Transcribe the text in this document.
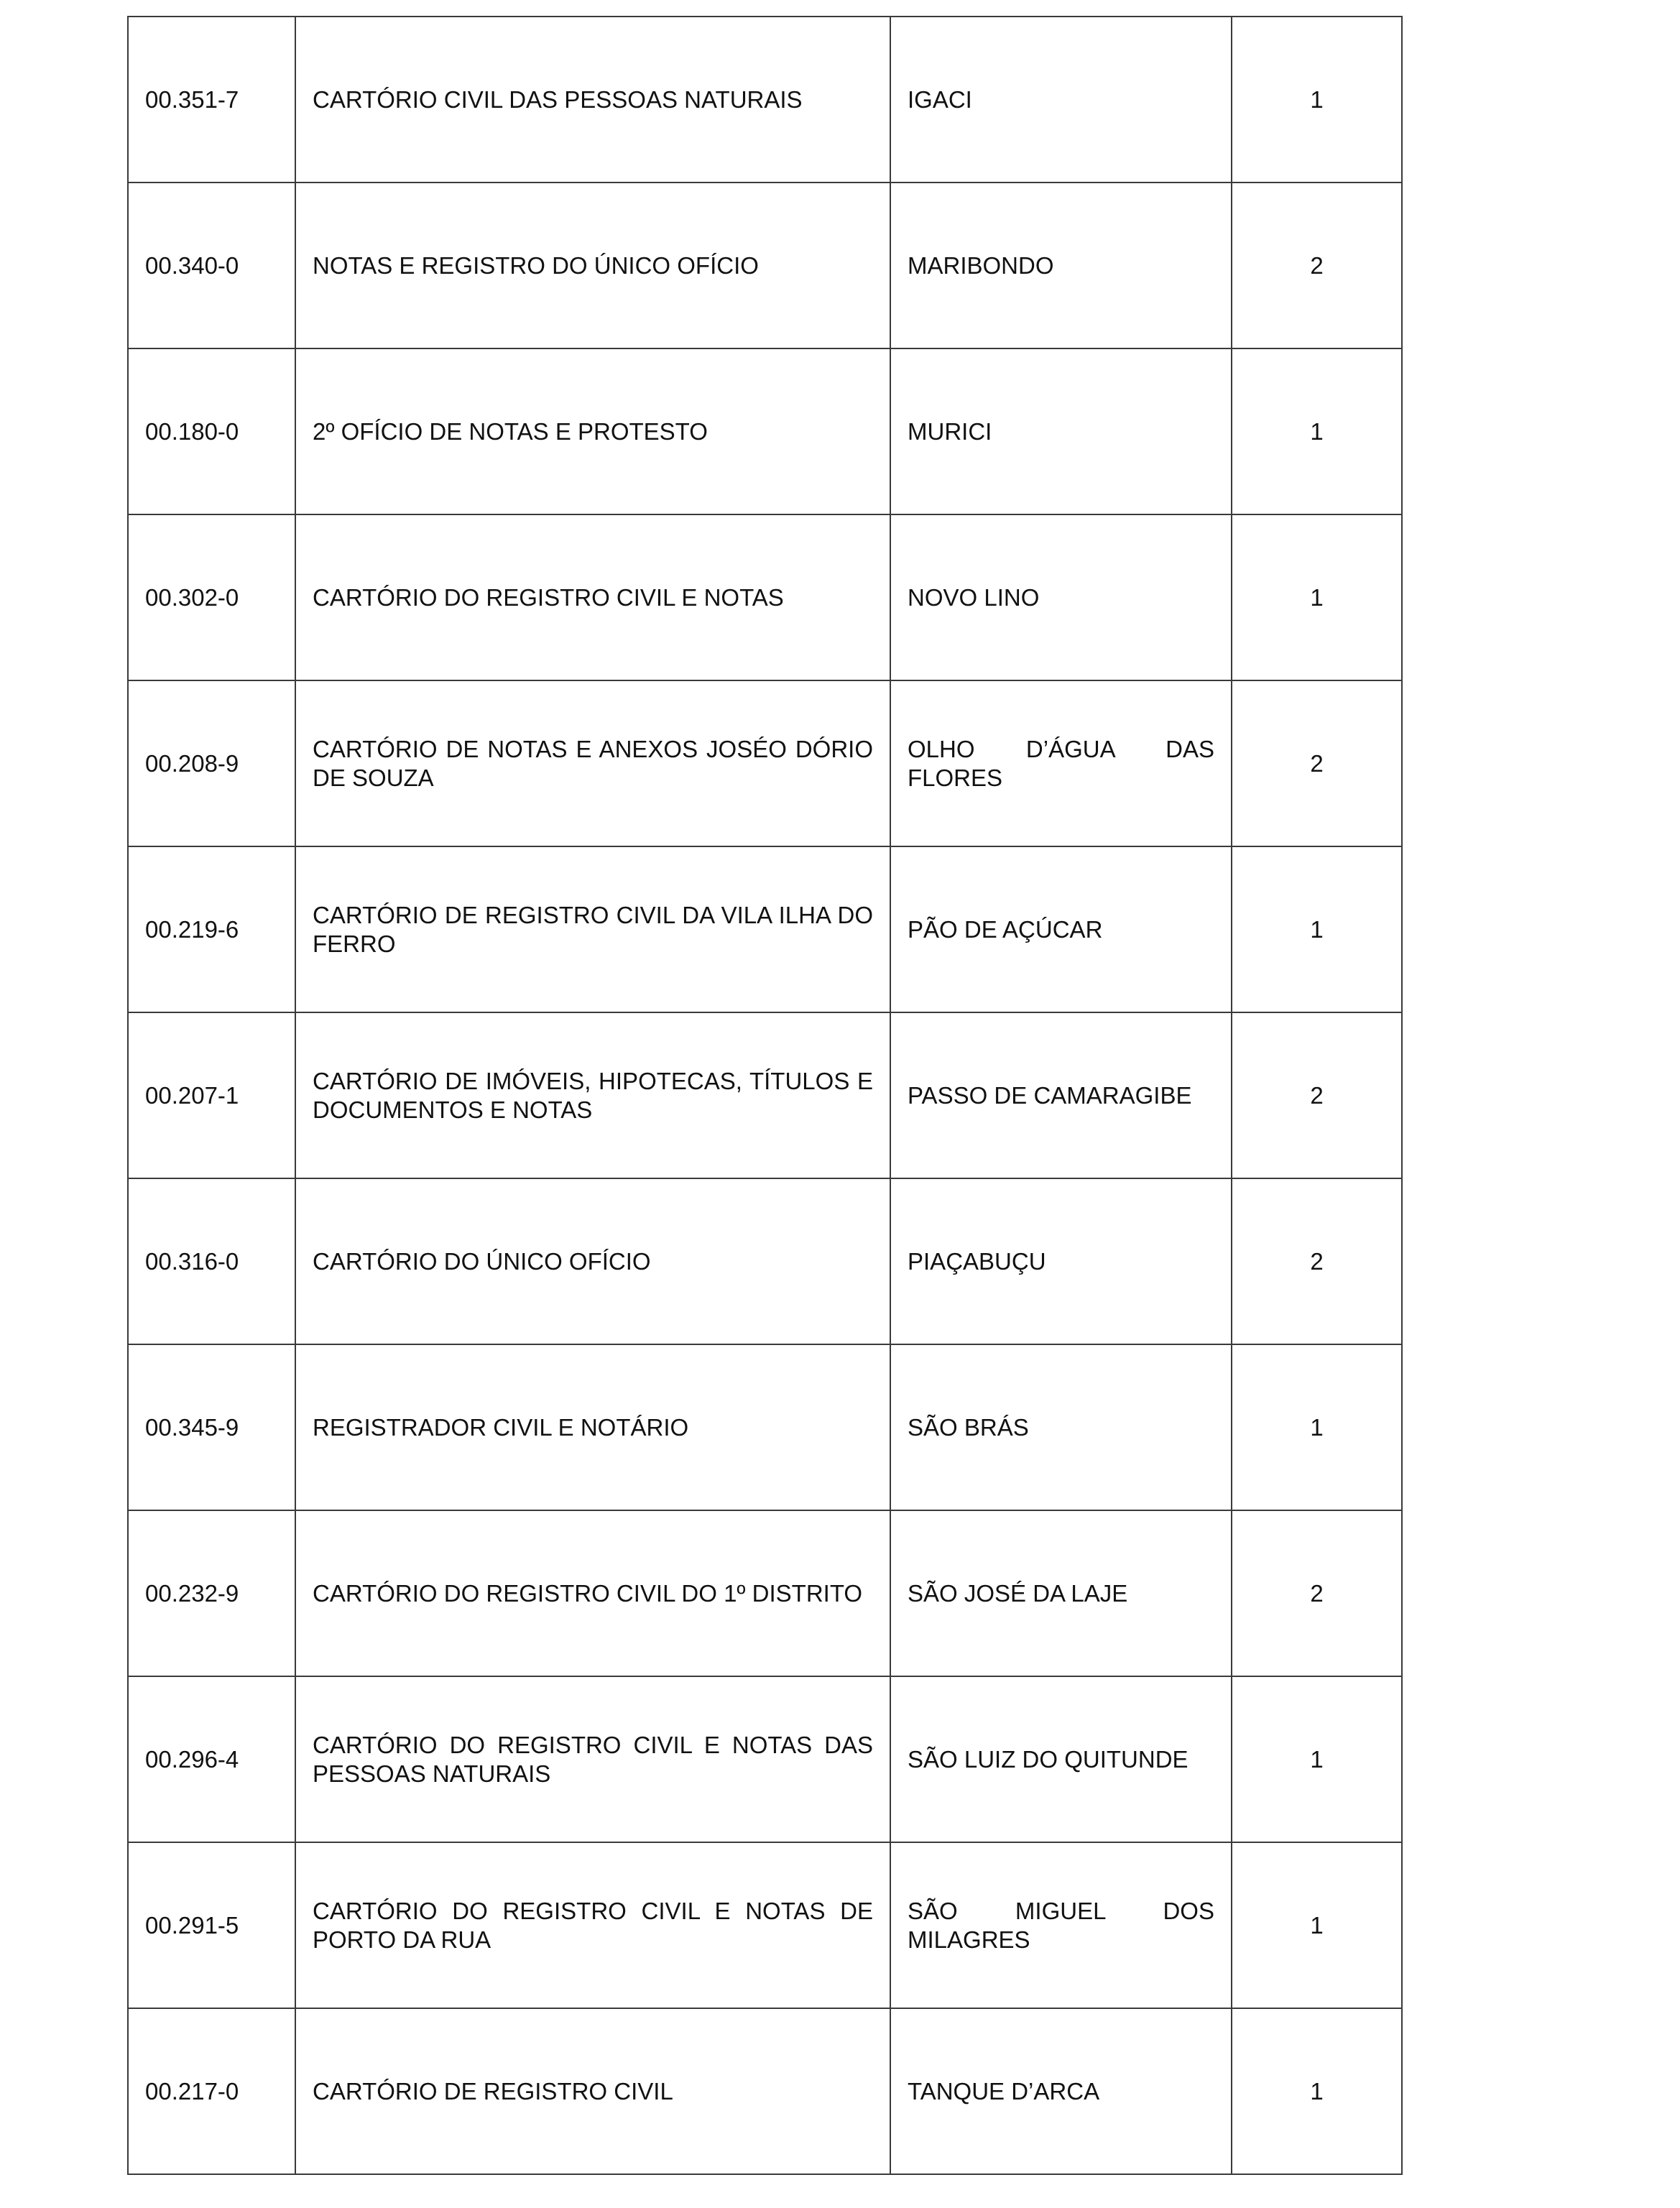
00.351-7	CARTÓRIO CIVIL DAS PESSOAS NATURAIS	IGACI	1
00.340-0	NOTAS E REGISTRO DO ÚNICO OFÍCIO	MARIBONDO	2
00.180-0	2º OFÍCIO DE NOTAS E PROTESTO	MURICI	1
00.302-0	CARTÓRIO DO REGISTRO CIVIL E NOTAS	NOVO LINO	1
00.208-9	CARTÓRIO DE NOTAS E ANEXOS JOSÉO DÓRIO DE SOUZA	OLHO D’ÁGUA DAS FLORES	2
00.219-6	CARTÓRIO DE REGISTRO CIVIL DA VILA ILHA DO FERRO	PÃO DE AÇÚCAR	1
00.207-1	CARTÓRIO DE IMÓVEIS, HIPOTECAS, TÍTULOS E DOCUMENTOS E NOTAS	PASSO DE CAMARAGIBE	2
00.316-0	CARTÓRIO DO ÚNICO OFÍCIO	PIAÇABUÇU	2
00.345-9	REGISTRADOR CIVIL E NOTÁRIO	SÃO BRÁS	1
00.232-9	CARTÓRIO DO REGISTRO CIVIL DO 1º DISTRITO	SÃO JOSÉ DA LAJE	2
00.296-4	CARTÓRIO DO REGISTRO CIVIL E NOTAS DAS PESSOAS NATURAIS	SÃO LUIZ DO QUITUNDE	1
00.291-5	CARTÓRIO DO REGISTRO CIVIL E NOTAS DE PORTO DA RUA	SÃO MIGUEL DOS MILAGRES	1
00.217-0	CARTÓRIO DE REGISTRO CIVIL	TANQUE D’ARCA	1
